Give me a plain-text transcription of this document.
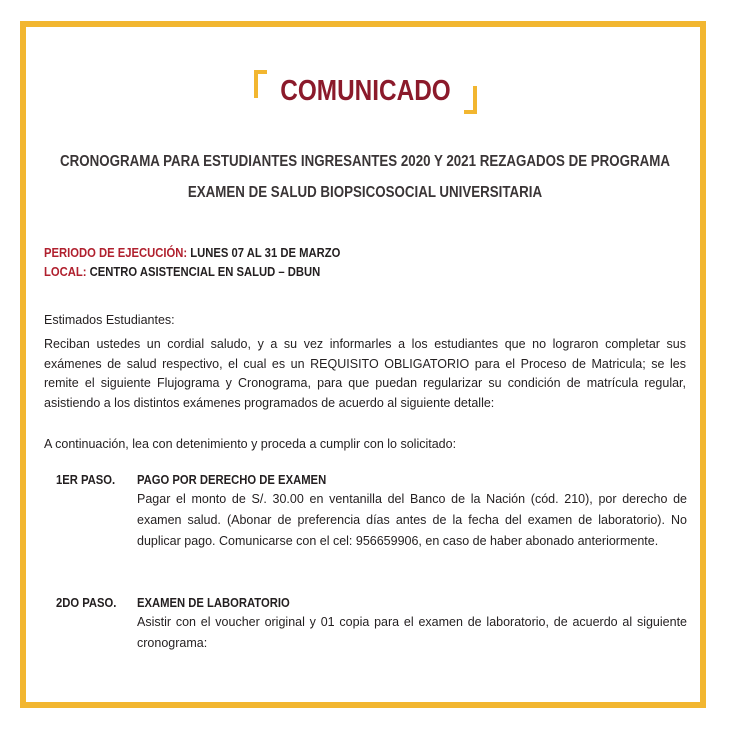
COMUNICADO
CRONOGRAMA PARA ESTUDIANTES INGRESANTES 2020 Y 2021 REZAGADOS DE PROGRAMA
EXAMEN DE SALUD BIOPSICOSOCIAL UNIVERSITARIA
PERIODO DE EJECUCIÓN: LUNES 07 AL 31 DE MARZO
LOCAL: CENTRO ASISTENCIAL EN SALUD – DBUN
Estimados Estudiantes:
Reciban ustedes un cordial saludo, y a su vez informarles a los estudiantes que no lograron completar sus exámenes de salud respectivo, el cual es un REQUISITO OBLIGATORIO para el Proceso de Matricula; se les remite el siguiente Flujograma y Cronograma, para que puedan regularizar su condición de matrícula regular, asistiendo a los distintos exámenes programados de acuerdo al siguiente detalle:
A continuación, lea con detenimiento y proceda a cumplir con lo solicitado:
1ER PASO. PAGO POR DERECHO DE EXAMEN
Pagar el monto de S/. 30.00 en ventanilla del Banco de la Nación (cód. 210), por derecho de examen salud. (Abonar de preferencia días antes de la fecha del examen de laboratorio). No duplicar pago. Comunicarse con el cel: 956659906, en caso de haber abonado anteriormente.
2DO PASO. EXAMEN DE LABORATORIO
Asistir con el voucher original y 01 copia para el examen de laboratorio, de acuerdo al siguiente cronograma:
